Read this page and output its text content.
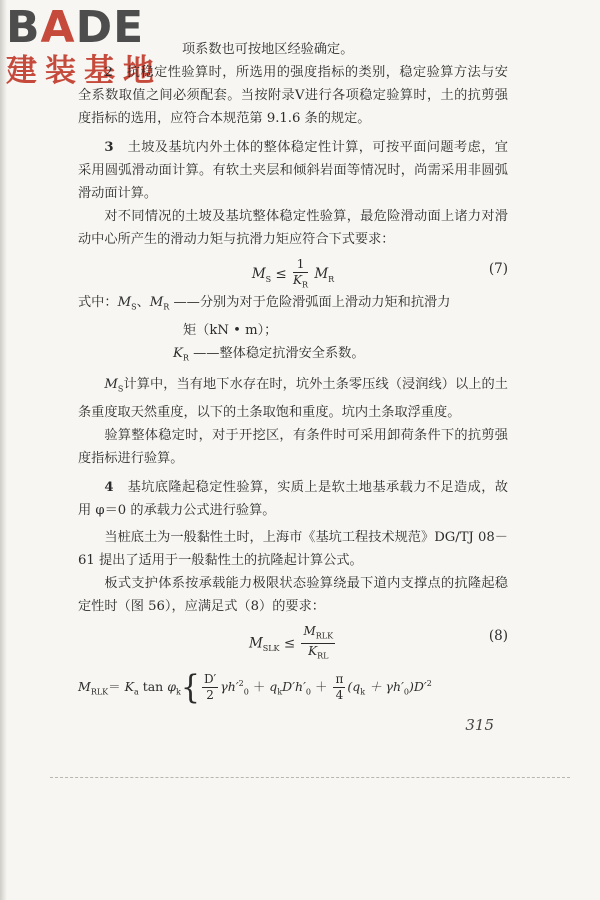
BADE
建装基地
项系数也可按地区经验确定。
2　抗稳定性验算时，所选用的强度指标的类别，稳定验算方法与安全系数取值之间必须配套。当按附录Ⅴ进行各项稳定验算时，土的抗剪强度指标的选用，应符合本规范第 9.1.6 条的规定。
3　 土坡及基坑内外土体的整体稳定性计算，可按平面问题考虑，宜采用圆弧滑动面计算。有软土夹层和倾斜岩面等情况时，尚需采用非圆弧滑动面计算。
对不同情况的土坡及基坑整体稳定性验算，最危险滑动面上诸力对滑动中心所产生的滑动力矩与抗滑力矩应符合下式要求：
$M_S \le \frac{1}{K_R} M_R$
(7)
式中：$M_S$、$M_R$ ——分别为对于危险滑弧面上滑动力矩和抗滑力
矩（kN • m）；
$K_R$ ——整体稳定抗滑安全系数。
$M_S$计算中，当有地下水存在时，坑外土条零压线（浸润线）以上的土条重度取天然重度，以下的土条取饱和重度。坑内土条取浮重度。
验算整体稳定时，对于开挖区，有条件时可采用卸荷条件下的抗剪强度指标进行验算。
4　 基坑底隆起稳定性验算，实质上是软土地基承载力不足造成，故用 φ＝0 的承载力公式进行验算。
当桩底土为一般黏性土时，上海市《基坑工程技术规范》DG/TJ 08－61 提出了适用于一般黏性土的抗隆起计算公式。
板式支护体系按承载能力极限状态验算绕最下道内支撑点的抗隆起稳定性时（图 56），应满足式（8）的要求：
$M_{SLK} \le \frac{M_{RLK}}{K_{RL}}$	(8)
$M_{RLK}= K_a$ $\tan \varphi_k\{ \frac{D'}{2} \gamma h'^2_0 + q_kD'h'_0 + \frac{\pi}{4} (q_k + \gamma h'_0)D'^2$
315
